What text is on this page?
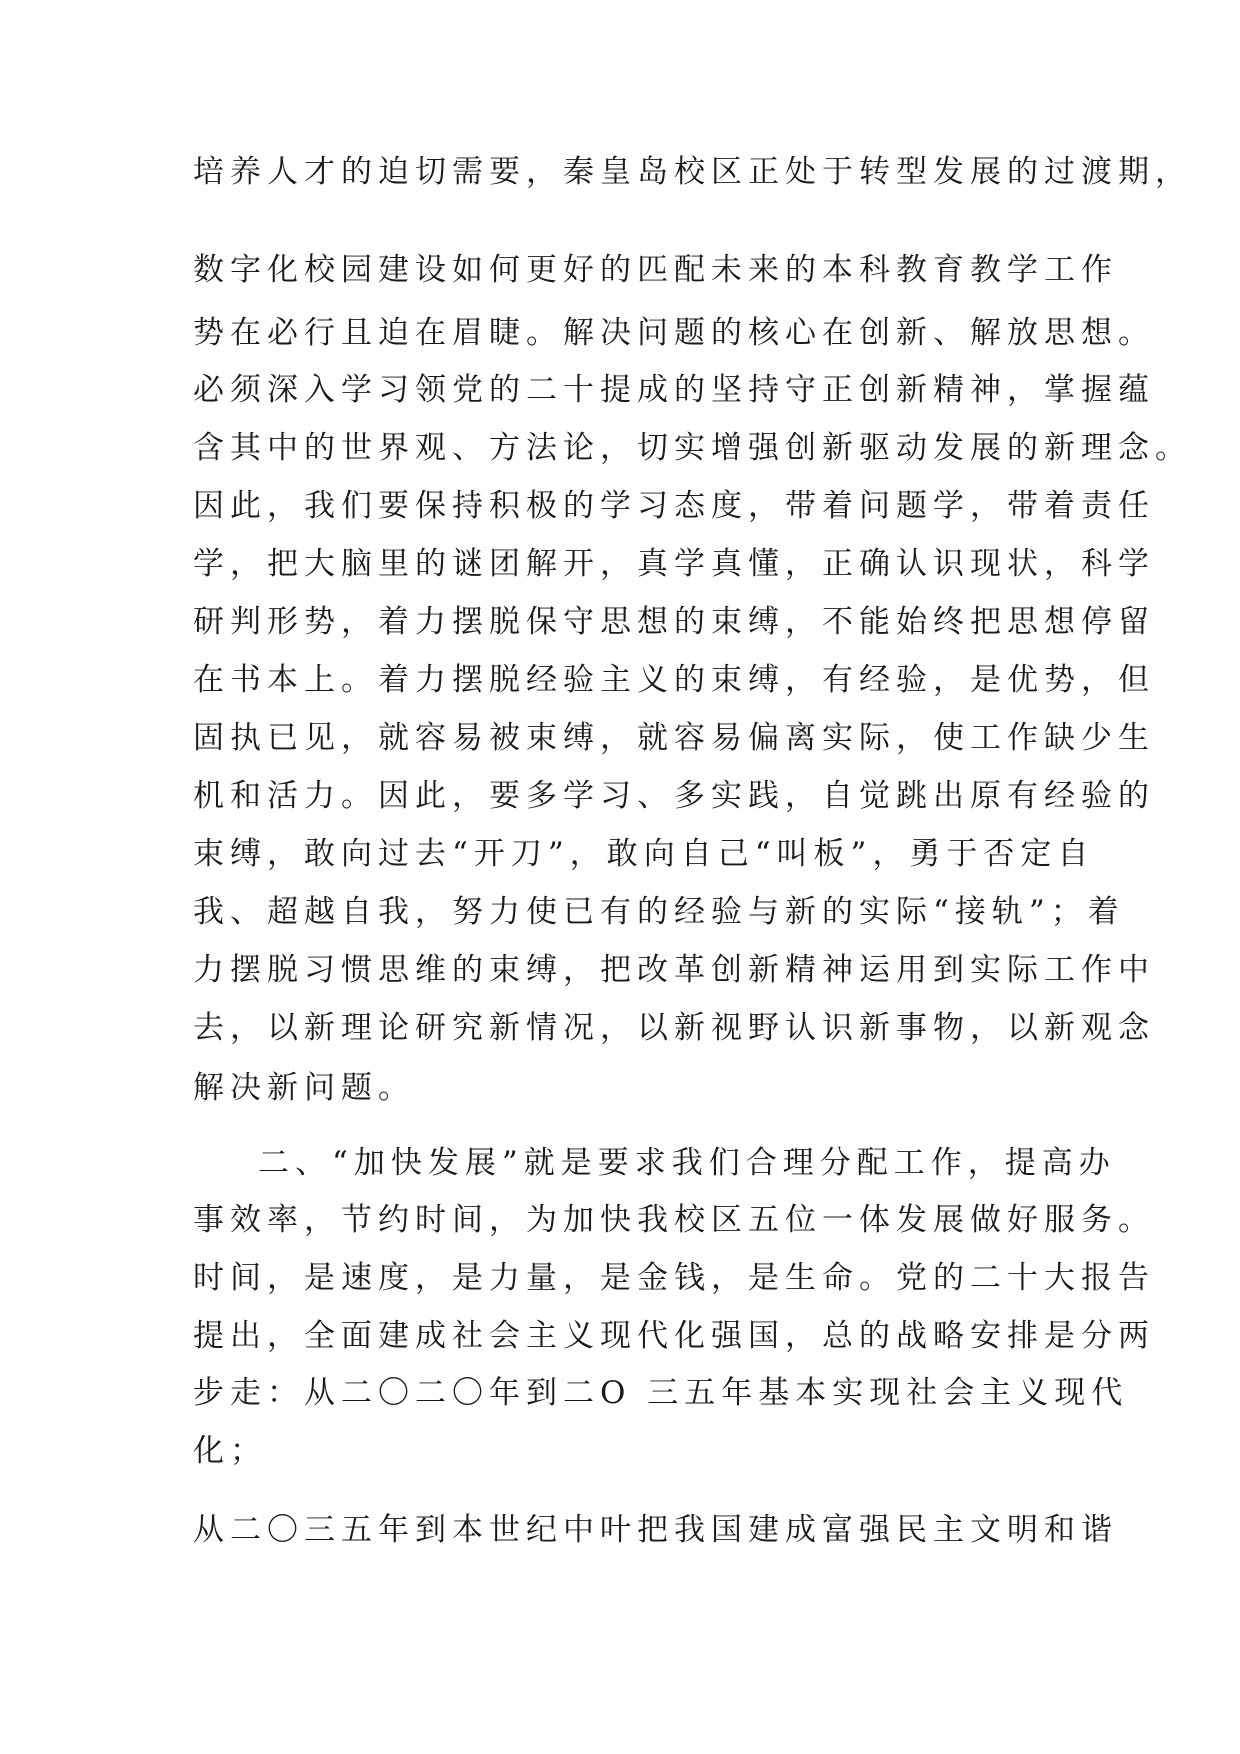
培养人才的迫切需要，秦皇岛校区正处于转型发展的过渡期，

数字化校园建设如何更好的匹配未来的本科教育教学工作

势在必行且迫在眉睫。解决问题的核心在创新、解放思想。

必须深入学习领党的二十提成的坚持守正创新精神，掌握蕴

含其中的世界观、方法论，切实增强创新驱动发展的新理念。

因此，我们要保持积极的学习态度，带着问题学，带着责任

学，把大脑里的谜团解开，真学真懂，正确认识现状，科学

研判形势，着力摆脱保守思想的束缚，不能始终把思想停留

在书本上。着力摆脱经验主义的束缚，有经验，是优势，但

固执已见，就容易被束缚，就容易偏离实际，使工作缺少生

机和活力。因此，要多学习、多实践，自觉跳出原有经验的

束缚，敢向过去“开刀”，敢向自己“叫板”，勇于否定自

我、超越自我，努力使已有的经验与新的实际“接轨”；着

力摆脱习惯思维的束缚，把改革创新精神运用到实际工作中

去，以新理论研究新情况，以新视野认识新事物，以新观念

解决新问题。

二、“加快发展”就是要求我们合理分配工作，提高办

事效率，节约时间，为加快我校区五位一体发展做好服务。

时间，是速度，是力量，是金钱，是生命。党的二十大报告

提出，全面建成社会主义现代化强国，总的战略安排是分两

步走：从二〇二〇年到二O 三五年基本实现社会主义现代

化；

从二〇三五年到本世纪中叶把我国建成富强民主文明和谐
